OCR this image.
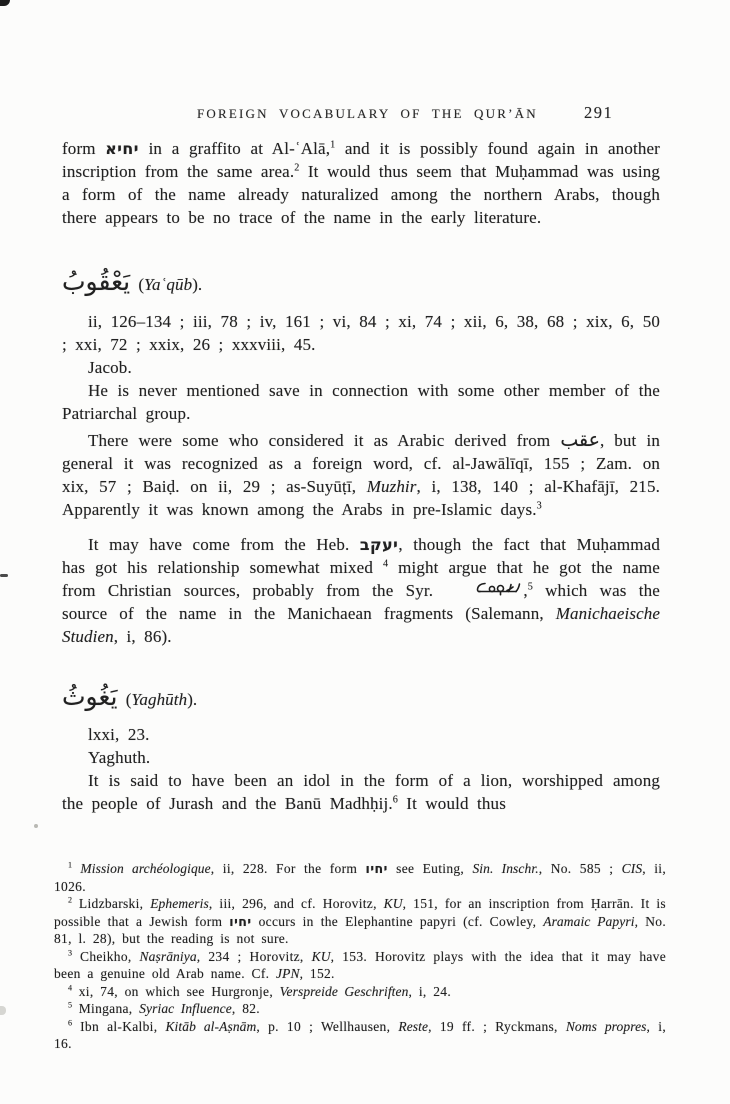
FOREIGN VOCABULARY OF THE QURʼĀN	291

form יחיא in a graffito at Al-ʿAlā,$^1$ and it is possibly found again in another inscription from the same area.$^2$ It would thus seem that Muḥammad was using a form of the name already naturalized among the northern Arabs, though there appears to be no trace of the name in the early literature.

يَعْقُوبُ (Yaʿqūb).

ii, 126–134 ; iii, 78 ; iv, 161 ; vi, 84 ; xi, 74 ; xii, 6, 38, 68 ; xix, 6, 50 ; xxi, 72 ; xxix, 26 ; xxxviii, 45.

Jacob.

He is never mentioned save in connection with some other member of the Patriarchal group.

There were some who considered it as Arabic derived from عقب, but in general it was recognized as a foreign word, cf. al-Jawālīqī, 155 ; Zam. on xix, 57 ; Baiḍ. on ii, 29 ; as-Suyūṭī, Muzhir, i, 138, 140 ; al-Khafājī, 215. Apparently it was known among the Arabs in pre-Islamic days.$^3$

It may have come from the Heb. יעקב, though the fact that Muḥammad has got his relationship somewhat mixed $^4$ might argue that he got the name from Christian sources, probably from the Syr.	,$^5$ which was the source of the name in the Manichaean fragments (Salemann, Manichaeische Studien, i, 86).

يَغُوثُ (Yaghūth).

lxxi, 23.

Yaghuth.

It is said to have been an idol in the form of a lion, worshipped among the people of Jurash and the Banū Madhḥij.$^6$ It would thus

$^1$ Mission archéologique, ii, 228. For the form יחיו see Euting, Sin. Inschr., No. 585 ; CIS, ii, 1026.

$^2$ Lidzbarski, Ephemeris, iii, 296, and cf. Horovitz, KU, 151, for an inscription from Ḥarrān. It is possible that a Jewish form יחיו occurs in the Elephantine papyri (cf. Cowley, Aramaic Papyri, No. 81, l. 28), but the reading is not sure.

$^3$ Cheikho, Naṣrāniya, 234 ; Horovitz, KU, 153. Horovitz plays with the idea that it may have been a genuine old Arab name. Cf. JPN, 152.

$^4$ xi, 74, on which see Hurgronje, Verspreide Geschriften, i, 24.

$^5$ Mingana, Syriac Influence, 82.

$^6$ Ibn al-Kalbi, Kitāb al-Aṣnām, p. 10 ; Wellhausen, Reste, 19 ff. ; Ryckmans, Noms propres, i, 16.
